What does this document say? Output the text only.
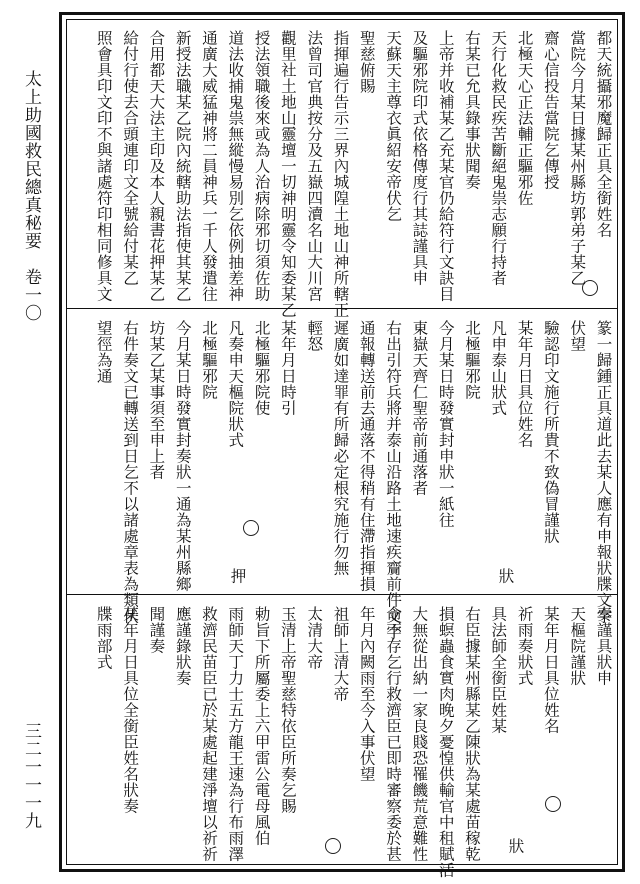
太上助國救民總真秘要　卷一〇
三二一一一九
都天統攝邪魔歸正具全銜姓名
當院今月某日據某州縣坊郭弟子某乙
齋心信投告當院乞傳授
北極天心正法輔正驅邪佐
天行化救民疾苦斷絕鬼祟志願行持者
右某已允具錄事狀聞奏
上帝并收補某乙充某官仍給符行文訣目
及驅邪院印式依格傳度行其誌謹具申
天蘇天主尊衣眞紹安帝伏乞
聖慈俯賜
指揮遍行告示三界內城隍土地山神所轄正
法曾司官典按分及五嶽四瀆名山大川宮
觀里社土地山靈壇一切神明靈令知委某乙
授法領職後來或為人治病除邪切須佐助
道法收捕鬼祟無縱慢易別乞依例抽差神
通廣大威猛神將二員神兵一千人發遣往
新授法職某乙院內統轄助法指使其某乙
合用都天大法主印及本人親書花押某乙
給付行使去合頭連印文全號給付某乙
照會具印文印不與諸處符印相同修具文
篆一歸鍾正具道此去某人應有申報狀牒文字
伏望
驗認印文施行所貴不致偽冒謹狀
某年月日具位姓名
凡申泰山狀式
北極驅邪院
今月某日時發實封申狀一紙往
東嶽天齊仁聖帝前通落者
右出引符兵將并泰山沿路土地速疾齎前件文字
通報轉送前去通落不得稍有住滯指揮損
遲廣如達罪有所歸必定根究施行勿無
輕怒
某年月日時引
北極驅邪院使
凡奏申天樞院狀式
北極驅邪院
今月某日時發實封奏狀一通為某州縣鄉
坊某乙某事須至申上者
右件奏文已轉送到日乞不以諸處章表為類伏
望徑為通
奏謹具狀申
天樞院謹狀
某年月日具位姓名
祈雨奏狀式
具法師全銜臣姓某
右臣據某州縣某乙陳狀為某處苗稼乾
損螟蟲食實肉晚夕憂惶供輸官中租賦活
大無從出納一家良賤恐罹饑荒意難性
命不存乞行救濟臣已即時審察委於甚
年月內闕雨至今入事伏望
祖師上清大帝
太清大帝
玉清上帝聖慈特依臣所奏乞賜
勅旨下所屬委上六甲雷公電母風伯
雨師天丁力士五方龍王速為行布雨澤
救濟民苗臣已於某處起建淨壇以祈祈
應謹錄狀奏
聞謹奏
某年月日具位全銜臣姓名狀奏
牒雨部式
狀
押
狀
